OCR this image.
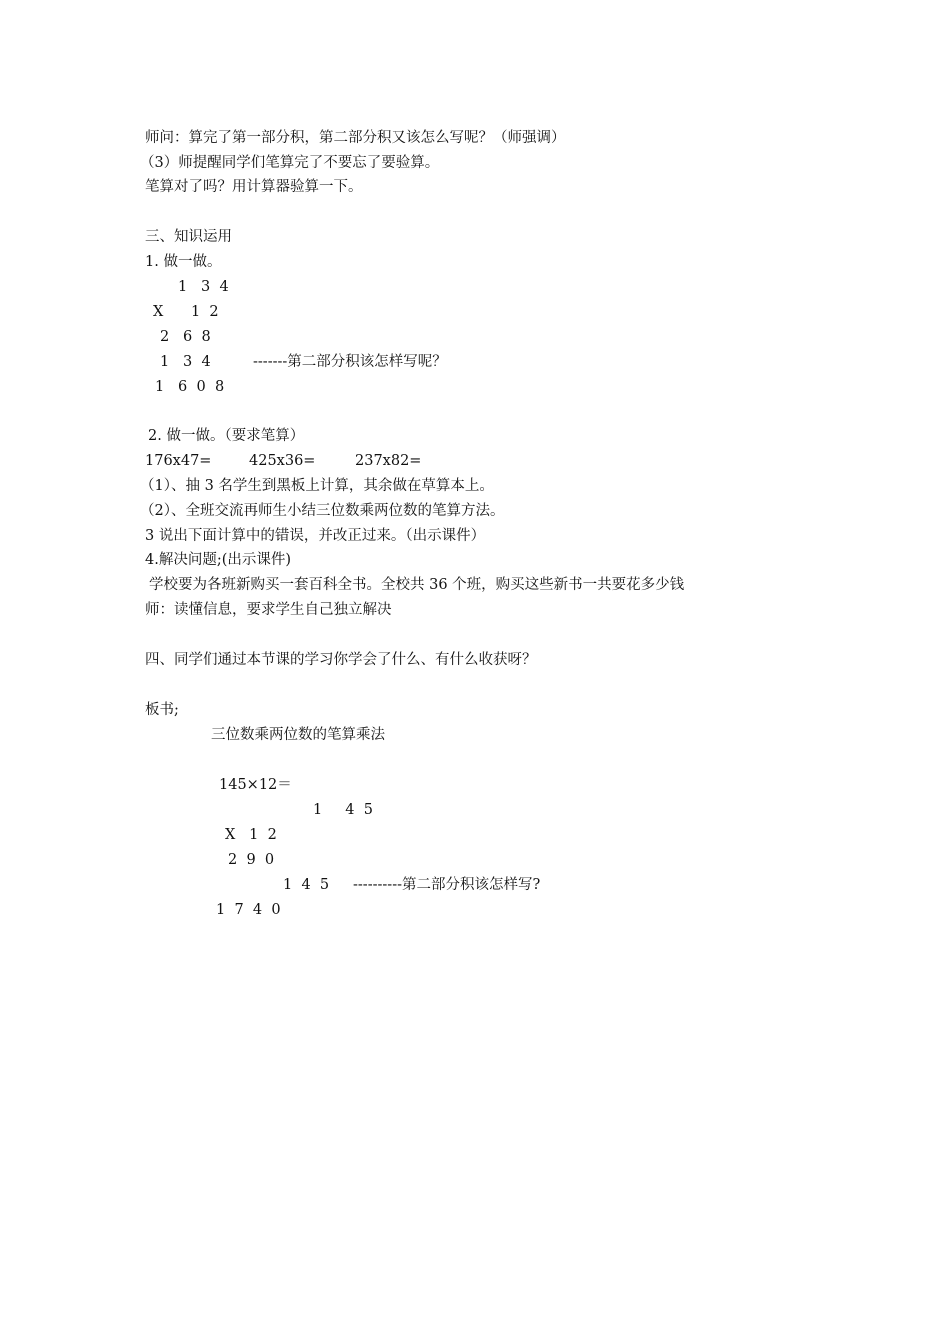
师问：算完了第一部分积，第二部分积又该怎么写呢？（师强调）
（3）师提醒同学们笔算完了不要忘了要验算。
笔算对了吗？用计算器验算一下。
三、知识运用
1. 做一做。
1   3  4
X      1  2
2   6  8
1   3  4	-------第二部分积该怎样写呢？
1   6  0  8
2. 做一做。（要求笔算）
176x47=	425x36=	237x82=
（1）、抽 3 名学生到黑板上计算，其余做在草算本上。
（2）、全班交流再师生小结三位数乘两位数的笔算方法。
3 说出下面计算中的错误，并改正过来。（出示课件）
4.解决问题;(出示课件)
学校要为各班新购买一套百科全书。全校共 36 个班，购买这些新书一共要花多少钱
师：读懂信息，要求学生自己独立解决
四、同学们通过本节课的学习你学会了什么、有什么收获呀？
板书;
三位数乘两位数的笔算乘法
145×12＝
1     4  5
X   1  2
2  9  0
1  4  5 ----------第二部分积该怎样写?
1  7  4  0
